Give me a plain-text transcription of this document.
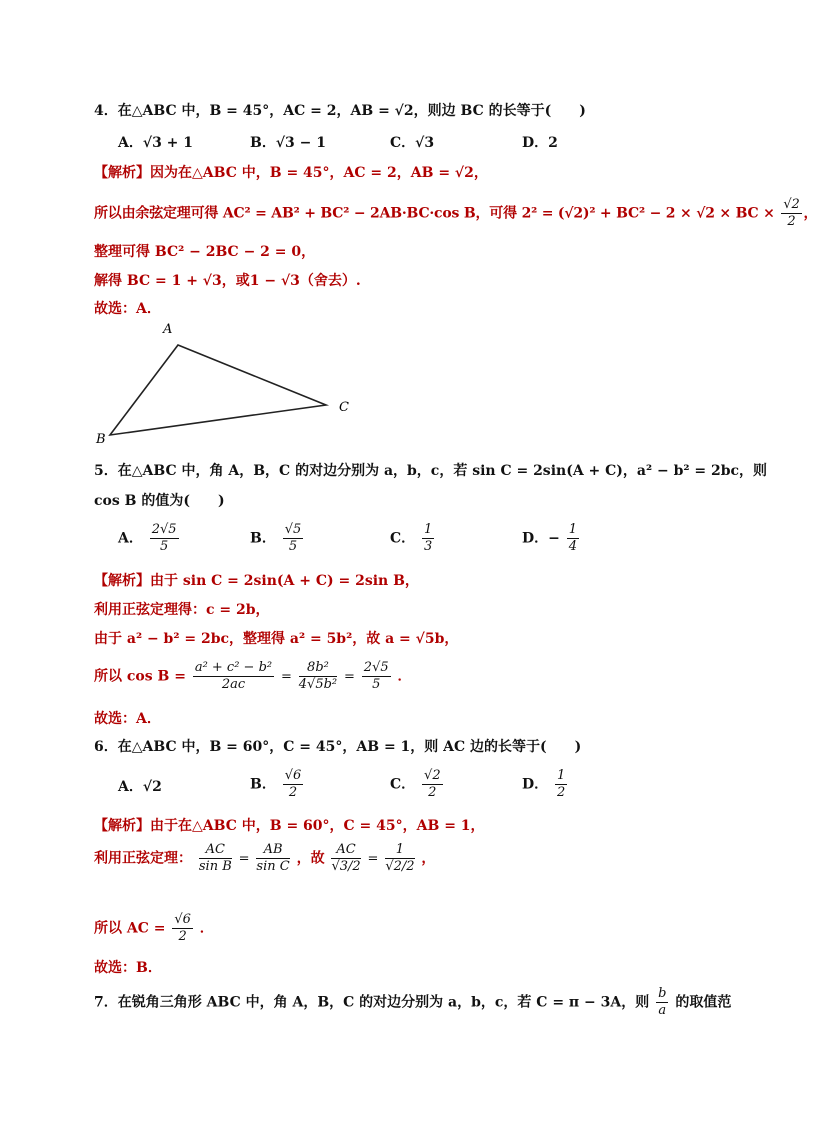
4．在△ABC 中，B = 45°，AC = 2，AB = √2，则边 BC 的长等于(　　)
A．√3 + 1	B．√3 − 1	C．√3	D．2
【解析】因为在△ABC 中，B = 45°，AC = 2，AB = √2，
所以由余弦定理可得 AC² = AB² + BC² − 2AB·BC·cos B，可得 2² = (√2)² + BC² − 2 × √2 × BC × $\frac{√2}{2}$ ，
整理可得 BC² − 2BC − 2 = 0，
解得 BC = 1 + √3，或1 − √3（舍去）.
故选：A．
A
B
C
5．在△ABC 中，角 A，B，C 的对边分别为 a，b，c，若 sin C = 2sin(A + C)，a² − b² = 2bc，则
cos B 的值为(　　)
A． $\frac{2√5}{5}$	B． $\frac{√5}{5}$	C． $\frac{1}{3}$	D．− $\frac{1}{4}$
【解析】由于 sin C = 2sin(A + C) = 2sin B，
利用正弦定理得：c = 2b，
由于 a² − b² = 2bc，整理得 a² = 5b²，故 a = √5b，
所以 $\cos B = \frac{\text{a² + c² − b²}}{2ac} = \frac{\text{8b²}}{\text{4√5b²}} = \frac{2√5}{5}$ ．
故选：A．
6．在△ABC 中，B = 60°，C = 45°，AB = 1，则 AC 边的长等于(　　)
A．√2	B． $\frac{√6}{2}$	C． $\frac{√2}{2}$	D． $\frac{1}{2}$
【解析】由于在△ABC 中，B = 60°，C = 45°，AB = 1，
利用正弦定理： $\frac{AC}{\text{sin B}} = \frac{AB}{\text{sin C}}$ ，故 $\frac{AC}{√3/2} = \frac{1}{√2/2}$ ，
所以 AC = $\frac{√6}{2}$ ．
故选：B．
7．在锐角三角形 ABC 中，角 A，B，C 的对边分别为 a，b，c，若 C = π − 3A，则 $\frac{b}{a}$ 的取值范
